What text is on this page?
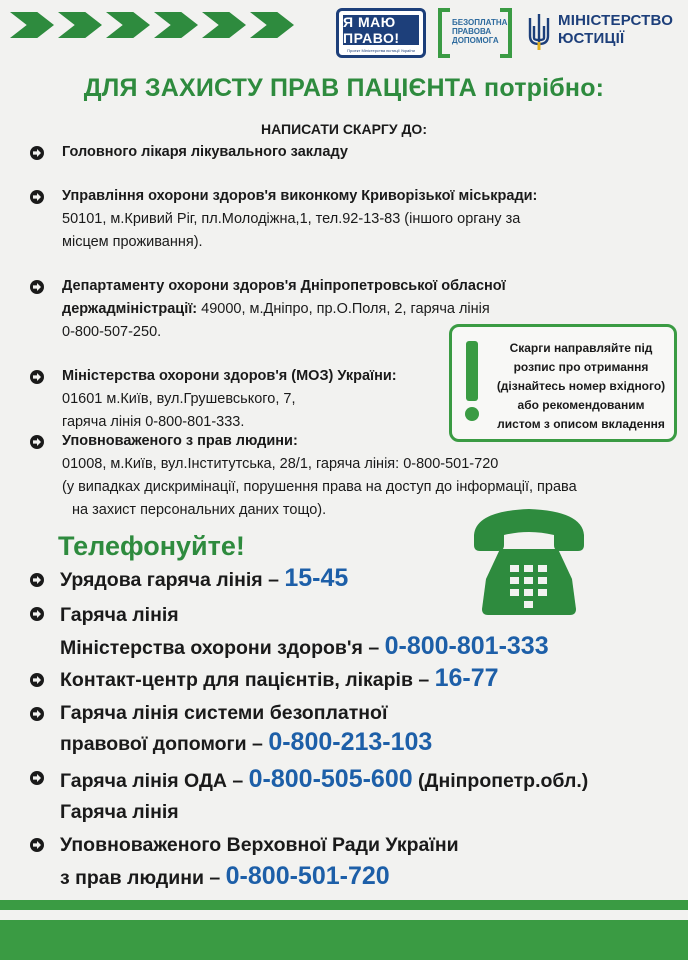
Я МАЮ ПРАВО!
Проект Міністерства юстиції України
БЕЗОПЛАТНА
ПРАВОВА
ДОПОМОГА
МІНІСТЕРСТВО
ЮСТИЦІЇ
ДЛЯ ЗАХИСТУ ПРАВ ПАЦІЄНТА потрібно:
НАПИСАТИ СКАРГУ ДО:
Головного лікаря лікувального закладу
Управління охорони здоров'я виконкому Криворізької міськради:
50101, м.Кривий Ріг, пл.Молодіжна,1, тел.92-13-83 (іншого органу за
місцем проживання).
Департаменту охорони здоров'я Дніпропетровської обласної
держадміністрації: 49000, м.Дніпро, пр.О.Поля, 2, гаряча лінія
0-800-507-250.
Міністерства охорони здоров'я (МОЗ) України:
01601 м.Київ, вул.Грушевського, 7,
гаряча лінія 0-800-801-333.
Уповноваженого з прав людини:
01008, м.Київ, вул.Інститутська, 28/1, гаряча лінія: 0-800-501-720
(у випадках дискримінації, порушення права на доступ до інформації, права
на захист персональних даних тощо).
Скарги направляйте під
розпис про отримання
(дізнайтесь номер вхідного)
або рекомендованим
листом з описом вкладення
Телефонуйте!
Урядова гаряча лінія – 15-45
Гаряча лінія
Міністерства охорони здоров'я – 0-800-801-333
Контакт-центр для пацієнтів, лікарів – 16-77
Гаряча лінія системи безоплатної
правової допомоги – 0-800-213-103
Гаряча лінія ОДА – 0-800-505-600 (Дніпропетр.обл.)
Гаряча лінія
Уповноваженого Верховної Ради України
з прав людини – 0-800-501-720
